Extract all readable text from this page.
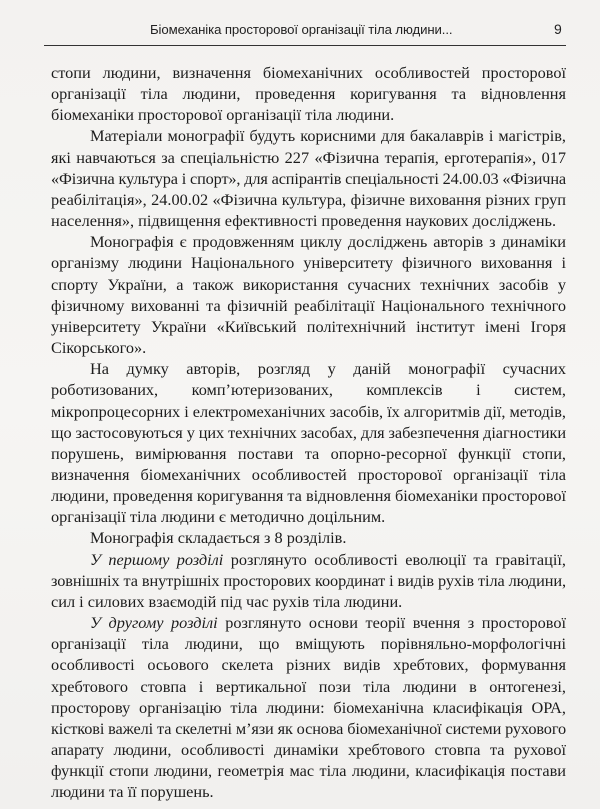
Біомеханіка просторової організації тіла людини...	9

стопи людини, визначення біомеханічних особливостей просторової
організації тіла людини, проведення коригування та відновлення
біомеханіки просторової організації тіла людини.

Матеріали монографії будуть корисними для бакалаврів і магістрів,
які навчаються за спеціальністю 227 «Фізична терапія, ерготерапія», 017
«Фізична культура і спорт», для аспірантів спеціальності 24.00.03 «Фізична
реабілітація», 24.00.02 «Фізична культура, фізичне виховання різних груп
населення», підвищення ефективності проведення наукових досліджень.

Монографія є продовженням циклу досліджень авторів з динаміки
організму людини Національного університету фізичного виховання і
спорту України, а також використання сучасних технічних засобів у
фізичному вихованні та фізичній реабілітації Національного технічного
університету України «Київський політехнічний інститут імені Ігоря
Сікорського».

На думку авторів, розгляд у даній монографії сучасних
роботизованих, комп’ютеризованих, комплексів і систем,
мікропроцесорних і електромеханічних засобів, їх алгоритмів дії, методів,
що застосовуються у цих технічних засобах, для забезпечення діагностики
порушень, вимірювання постави та опорно-ресорної функції стопи,
визначення біомеханічних особливостей просторової організації тіла
людини, проведення коригування та відновлення біомеханіки просторової
організації тіла людини є методично доцільним.

Монографія складається з 8 розділів.

У першому розділі розглянуто особливості еволюції та гравітації,
зовнішніх та внутрішніх просторових координат і видів рухів тіла людини,
сил і силових взаємодій під час рухів тіла людини.

У другому розділі розглянуто основи теорії вчення з просторової
організації тіла людини, що вміщують порівняльно-морфологічні
особливості осьового скелета різних видів хребтових, формування
хребтового стовпа і вертикальної пози тіла людини в онтогенезі,
просторову організацію тіла людини: біомеханічна класифікація ОРА,
кісткові важелі та скелетні м’язи як основа біомеханічної системи рухового
апарату людини, особливості динаміки хребтового стовпа та рухової
функції стопи людини, геометрія мас тіла людини, класифікація постави
людини та її порушень.
